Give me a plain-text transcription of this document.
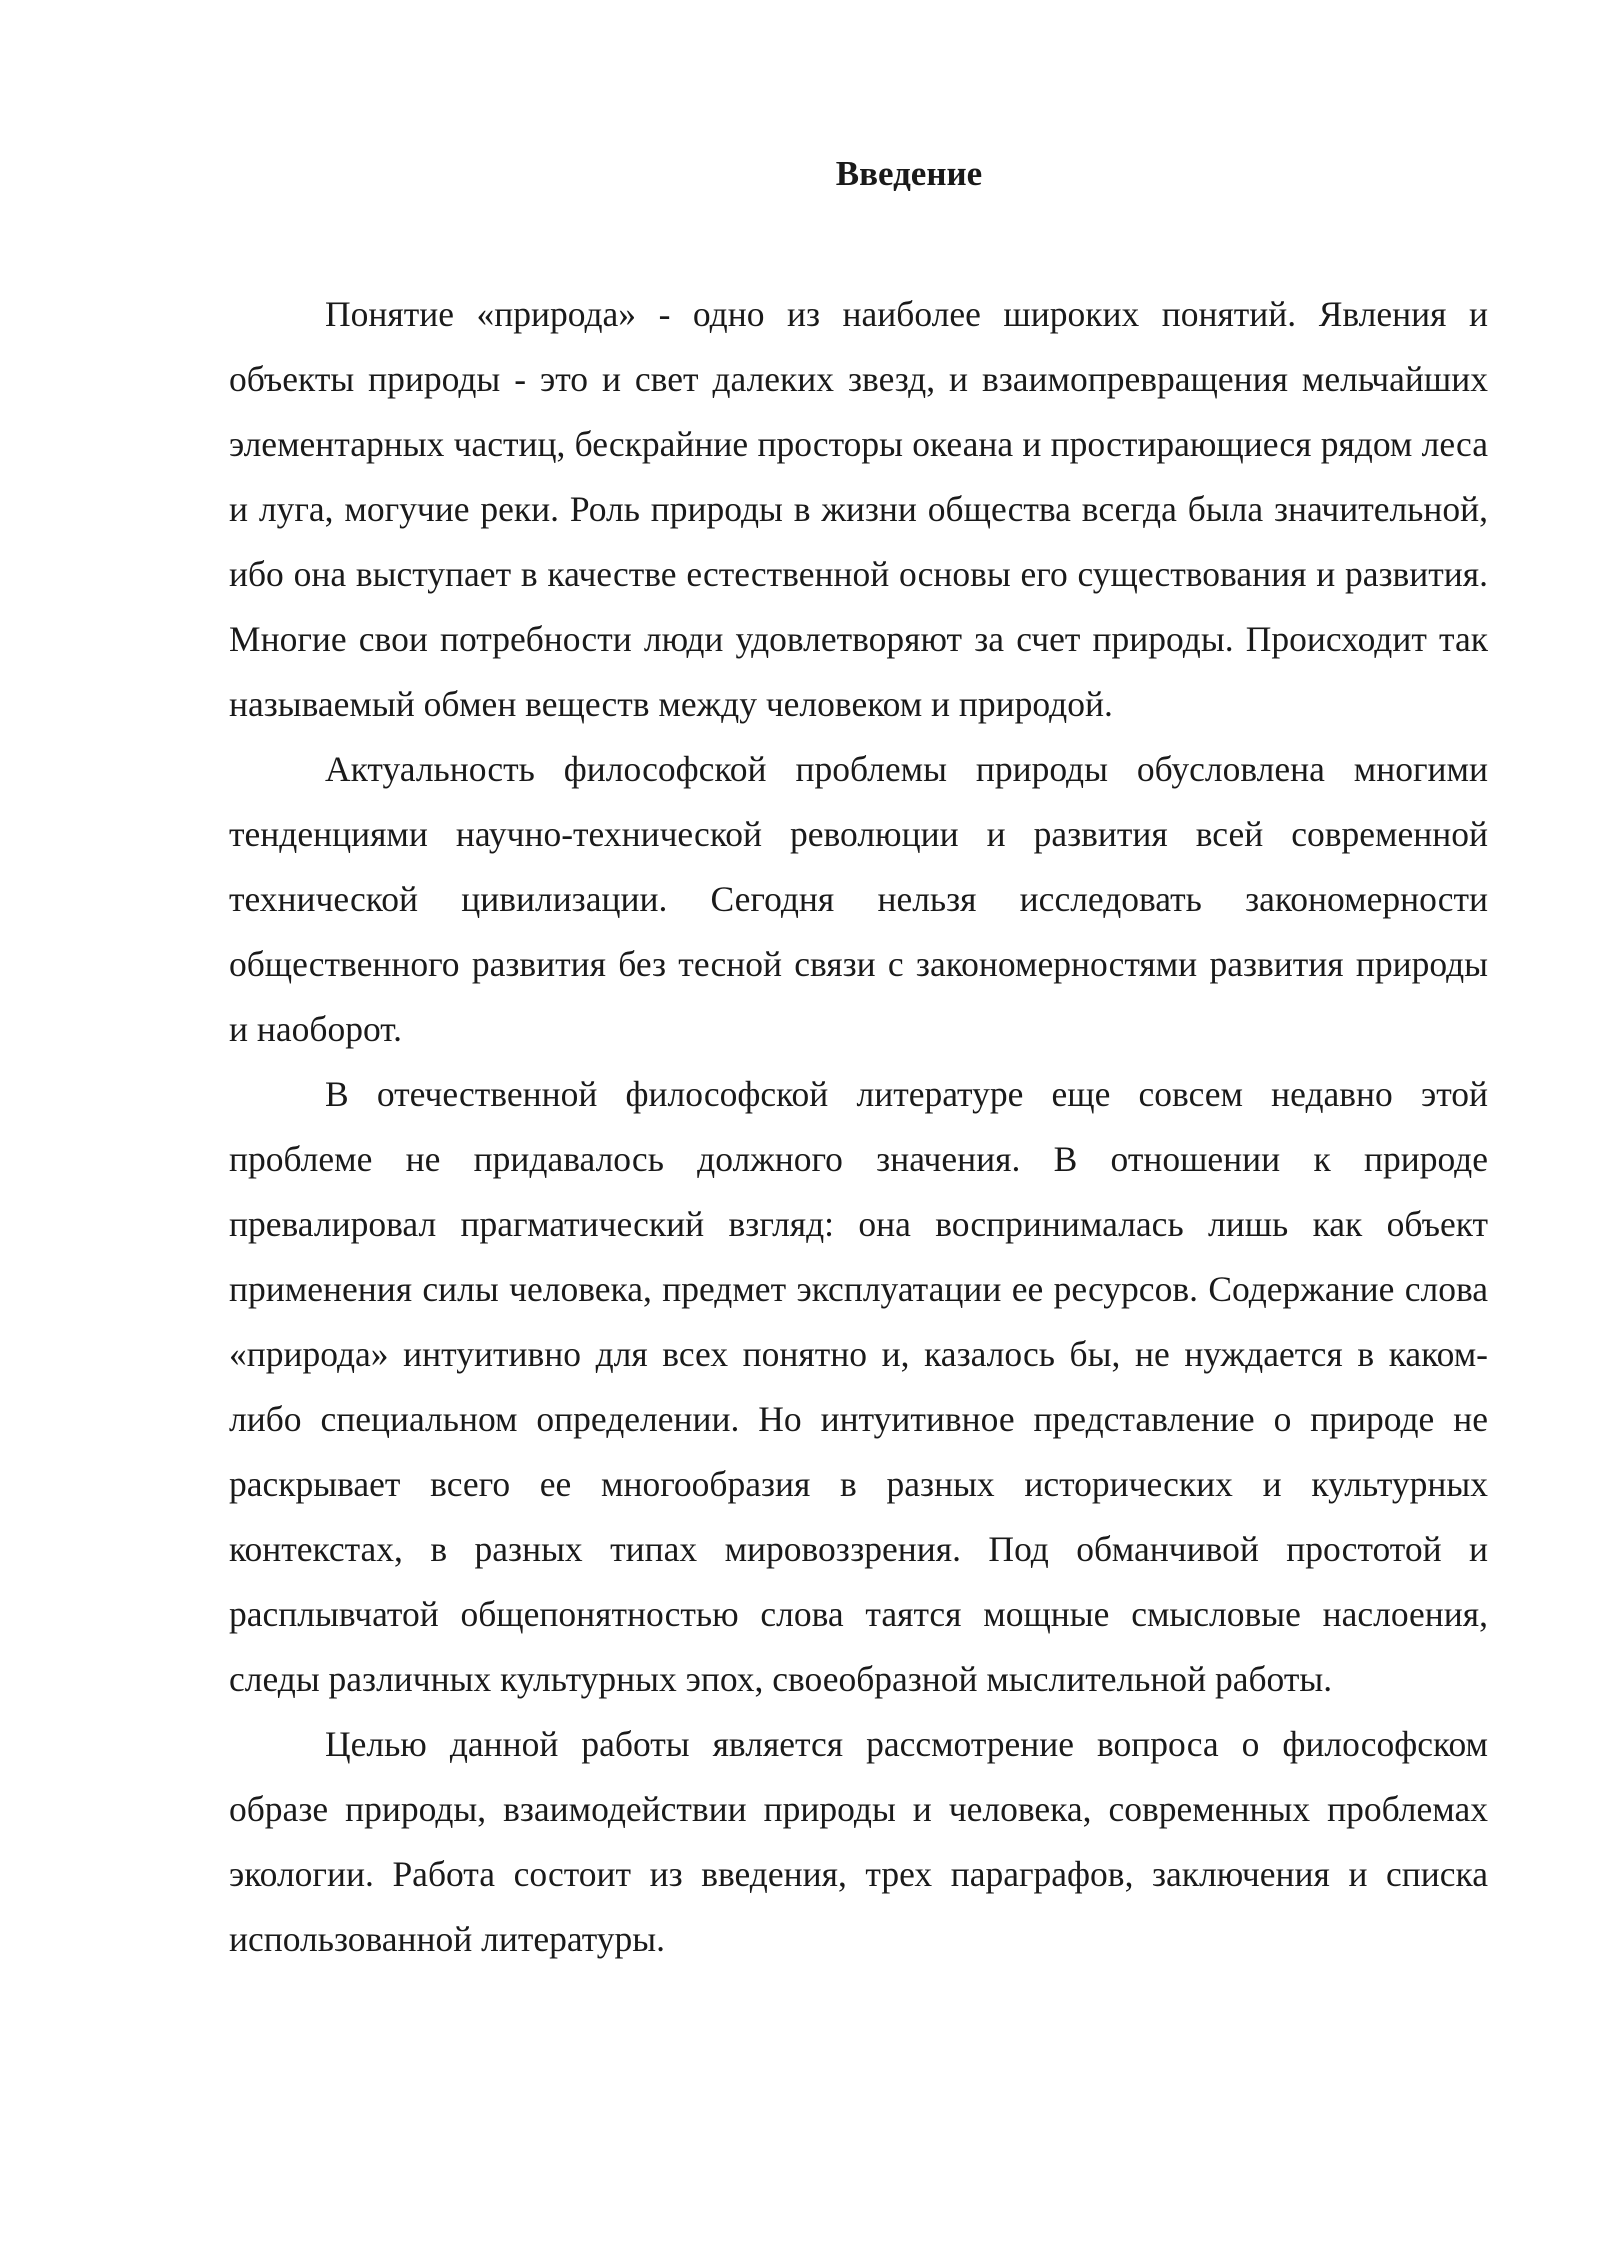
Введение

Понятие «природа» - одно из наиболее широких понятий. Явления и объекты природы - это и свет далеких звезд, и взаимопревращения мельчайших элементарных частиц, бескрайние просторы океана и простирающиеся рядом леса и луга, могучие реки. Роль природы в жизни общества всегда была значительной, ибо она выступает в качестве естественной основы его существования и развития. Многие свои потребности люди удовлетворяют за счет природы. Происходит так называемый обмен веществ между человеком и природой.

Актуальность философской проблемы природы обусловлена многими тенденциями научно-технической революции и развития всей современной технической цивилизации. Сегодня нельзя исследовать закономерности общественного развития без тесной связи с закономерностями развития природы и наоборот.

В отечественной философской литературе еще совсем недавно этой проблеме не придавалось должного значения. В отношении к природе превалировал прагматический взгляд: она воспринималась лишь как объект применения силы человека, предмет эксплуатации ее ресурсов. Содержание слова «природа» интуитивно для всех понятно и, казалось бы, не нуждается в каком-либо специальном определении. Но интуитивное представление о природе не раскрывает всего ее многообразия в разных исторических и культурных контекстах, в разных типах мировоззрения. Под обманчивой простотой и расплывчатой общепонятностью слова таятся мощные смысловые наслоения, следы различных культурных эпох, своеобразной мыслительной работы.

Целью данной работы является рассмотрение вопроса о философском образе природы, взаимодействии природы и человека, современных проблемах экологии. Работа состоит из введения, трех параграфов, заключения и списка использованной литературы.
